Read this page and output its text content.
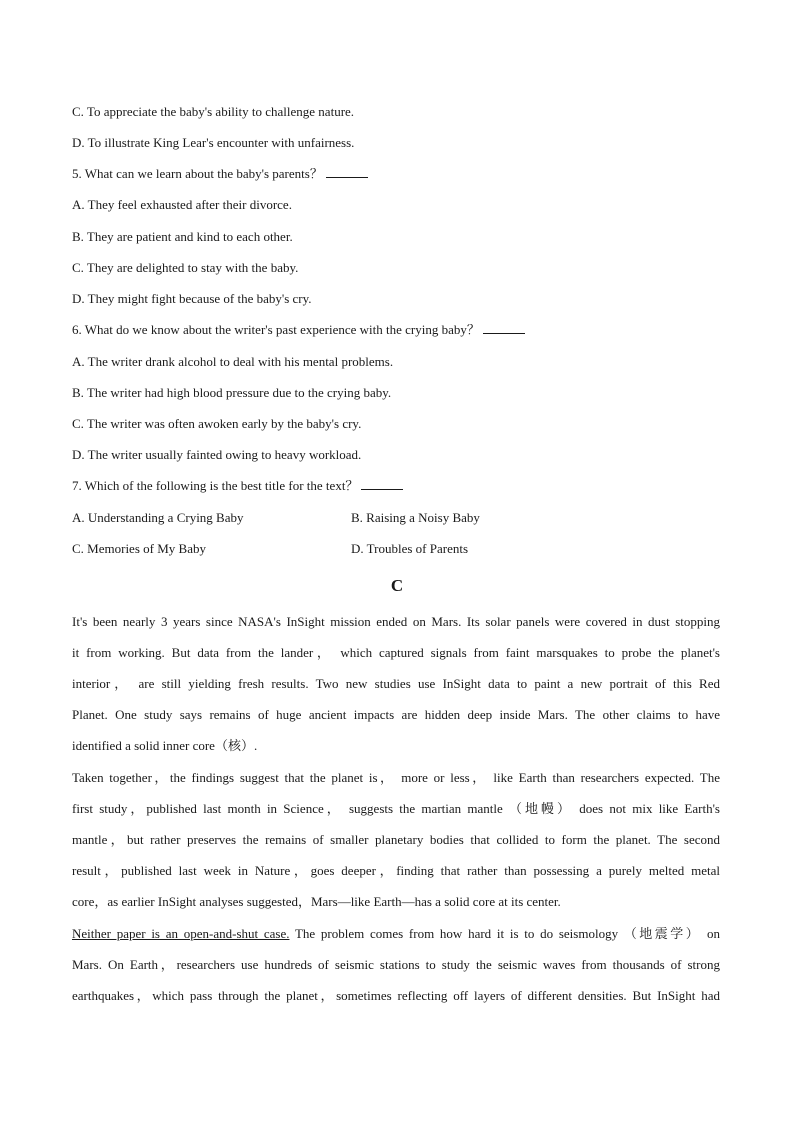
C. To appreciate the baby's ability to challenge nature.
D. To illustrate King Lear's encounter with unfairness.
5. What can we learn about the baby's parents？
A. They feel exhausted after their divorce.
B. They are patient and kind to each other.
C. They are delighted to stay with the baby.
D. They might fight because of the baby's cry.
6. What do we know about the writer's past experience with the crying baby？
A. The writer drank alcohol to deal with his mental problems.
B. The writer had high blood pressure due to the crying baby.
C. The writer was often awoken early by the baby's cry.
D. The writer usually fainted owing to heavy workload.
7. Which of the following is the best title for the text？
A. Understanding a Crying Baby	B. Raising a Noisy Baby
C. Memories of My Baby	D. Troubles of Parents
C
It's been nearly 3 years since NASA's InSight mission ended on Mars. Its solar panels were covered in dust stopping
it from working. But data from the lander， which captured signals from faint marsquakes to probe the planet's
interior， are still yielding fresh results. Two new studies use InSight data to paint a new portrait of this Red
Planet. One study says remains of huge ancient impacts are hidden deep inside Mars. The other claims to have
identified a solid inner core（核）.
Taken together，the findings suggest that the planet is， more or less， like Earth than researchers expected. The
first study，published last month in Science， suggests the martian mantle （地幔） does not mix like Earth's
mantle，but rather preserves the remains of smaller planetary bodies that collided to form the planet. The second
result，published last week in Nature，goes deeper，finding that rather than possessing a purely melted metal
core，as earlier InSight analyses suggested，Mars—like Earth—has a solid core at its center.
Neither paper is an open-and-shut case. The problem comes from how hard it is to do seismology （地震学） on
Mars. On Earth，researchers use hundreds of seismic stations to study the seismic waves from thousands of strong
earthquakes，which pass through the planet，sometimes reflecting off layers of different densities. But InSight had
